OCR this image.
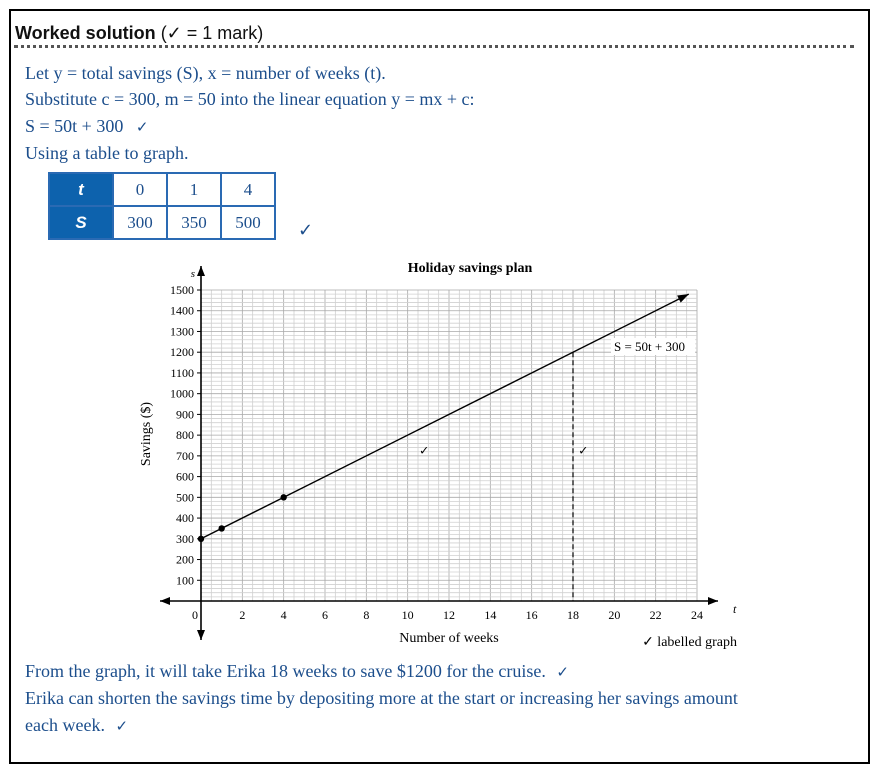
Worked solution (✓ = 1 mark)
Let y = total savings (S), x = number of weeks (t).
Substitute c = 300, m = 50 into the linear equation y = mx + c:
S = 50t + 300 ✓
Using a table to graph.
t	0	1	4
S	300	350	500 ✓
100
200
300
400
500
600
700
800
900
1000
1100
1200
1300
1400
1500
0	2	4	6	8	10 12 14 16 18 20 22 24
s
t
Number of weeks
Savings ($)
Holiday savings plan
S = 50t + 300
✓	✓
✓ labelled graph
From the graph, it will take Erika 18 weeks to save $1200 for the cruise. ✓
Erika can shorten the savings time by depositing more at the start or increasing her savings amount
each week. ✓
